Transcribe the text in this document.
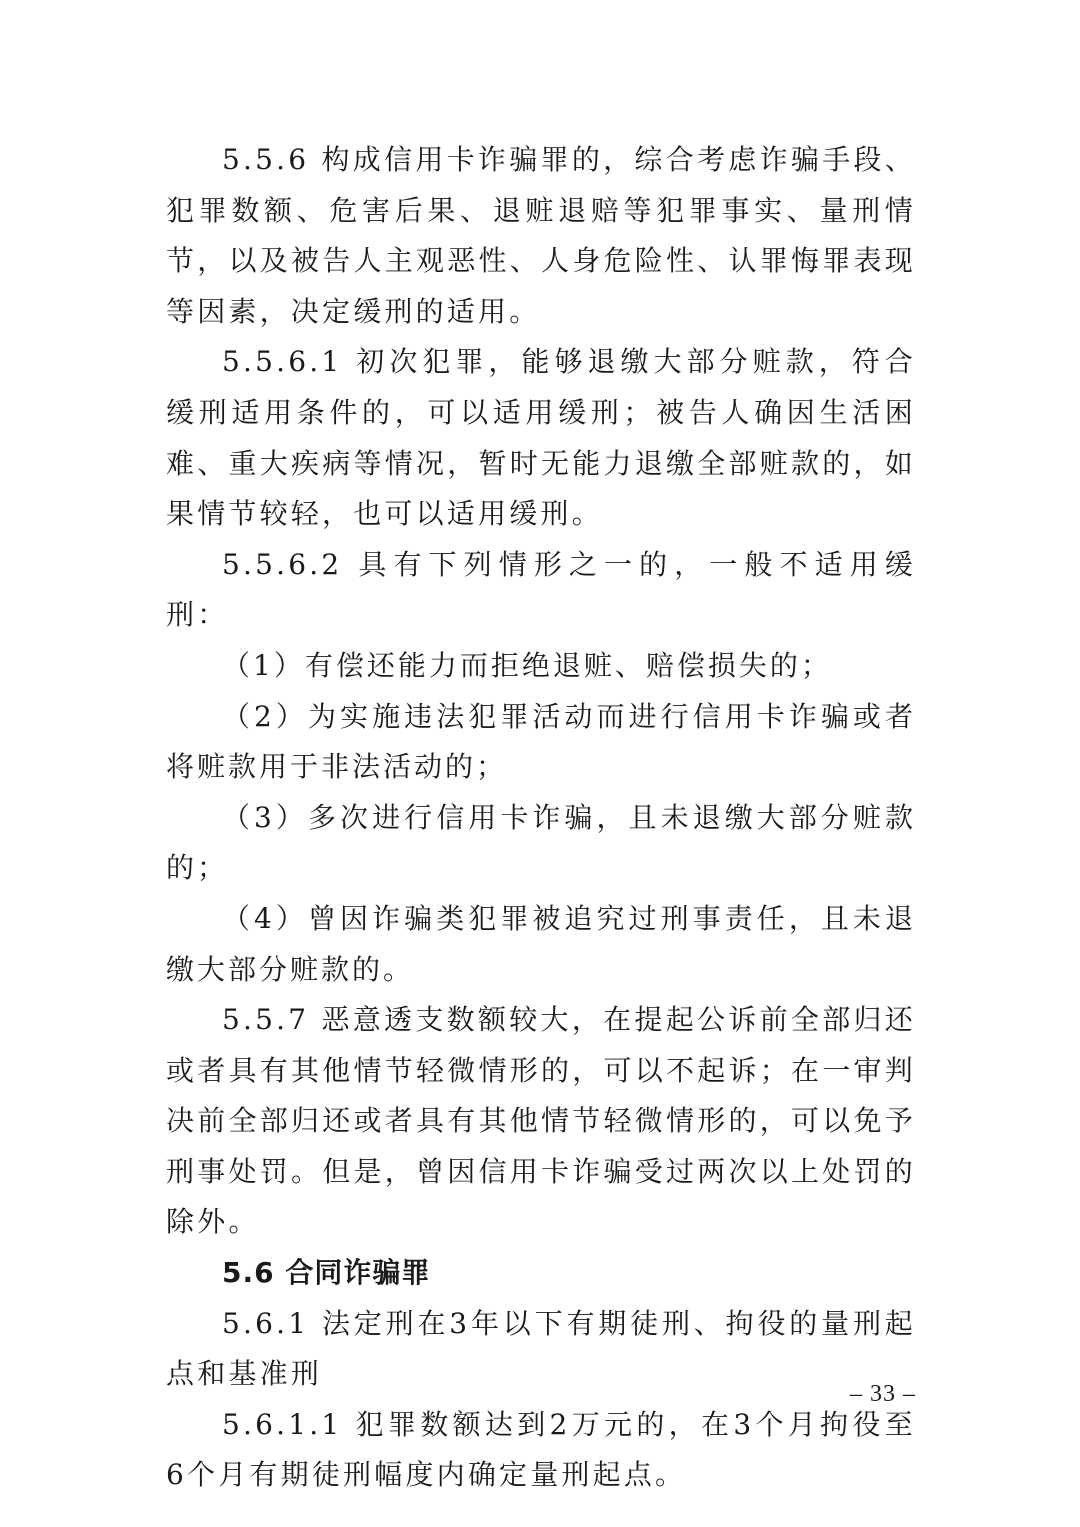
5.5.6 构成信用卡诈骗罪的，综合考虑诈骗手段、犯罪数额、危害后果、退赃退赔等犯罪事实、量刑情节，以及被告人主观恶性、人身危险性、认罪悔罪表现等因素，决定缓刑的适用。

5.5.6.1 初次犯罪，能够退缴大部分赃款，符合缓刑适用条件的，可以适用缓刑；被告人确因生活困难、重大疾病等情况，暂时无能力退缴全部赃款的，如果情节较轻，也可以适用缓刑。

5.5.6.2 具有下列情形之一的，一般不适用缓刑：

（1）有偿还能力而拒绝退赃、赔偿损失的；

（2）为实施违法犯罪活动而进行信用卡诈骗或者将赃款用于非法活动的；

（3）多次进行信用卡诈骗，且未退缴大部分赃款的；

（4）曾因诈骗类犯罪被追究过刑事责任，且未退缴大部分赃款的。

5.5.7 恶意透支数额较大，在提起公诉前全部归还或者具有其他情节轻微情形的，可以不起诉；在一审判决前全部归还或者具有其他情节轻微情形的，可以免予刑事处罚。但是，曾因信用卡诈骗受过两次以上处罚的除外。

5.6 合同诈骗罪

5.6.1 法定刑在3年以下有期徒刑、拘役的量刑起点和基准刑

5.6.1.1 犯罪数额达到2万元的，在3个月拘役至6个月有期徒刑幅度内确定量刑起点。

– 33 –
